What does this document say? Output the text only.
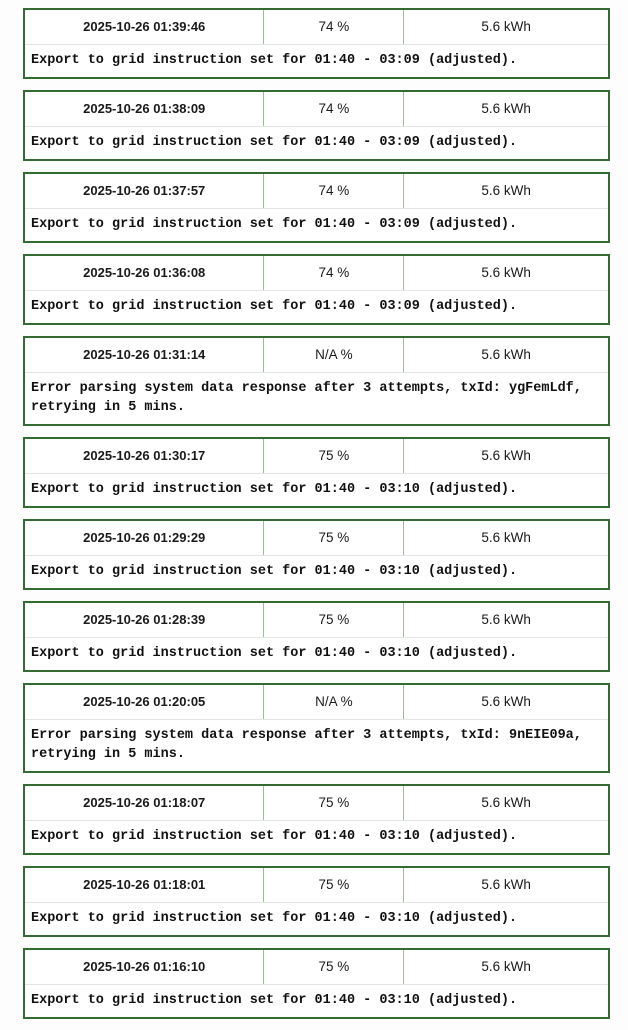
2025-10-26 01:39:46	74 %	5.6 kWh
Export to grid instruction set for 01:40 - 03:09 (adjusted).
2025-10-26 01:38:09	74 %	5.6 kWh
Export to grid instruction set for 01:40 - 03:09 (adjusted).
2025-10-26 01:37:57	74 %	5.6 kWh
Export to grid instruction set for 01:40 - 03:09 (adjusted).
2025-10-26 01:36:08	74 %	5.6 kWh
Export to grid instruction set for 01:40 - 03:09 (adjusted).
2025-10-26 01:31:14	N/A %	5.6 kWh
Error parsing system data response after 3 attempts, txId: ygFemLdf, retrying in 5 mins.
2025-10-26 01:30:17	75 %	5.6 kWh
Export to grid instruction set for 01:40 - 03:10 (adjusted).
2025-10-26 01:29:29	75 %	5.6 kWh
Export to grid instruction set for 01:40 - 03:10 (adjusted).
2025-10-26 01:28:39	75 %	5.6 kWh
Export to grid instruction set for 01:40 - 03:10 (adjusted).
2025-10-26 01:20:05	N/A %	5.6 kWh
Error parsing system data response after 3 attempts, txId: 9nEIE09a, retrying in 5 mins.
2025-10-26 01:18:07	75 %	5.6 kWh
Export to grid instruction set for 01:40 - 03:10 (adjusted).
2025-10-26 01:18:01	75 %	5.6 kWh
Export to grid instruction set for 01:40 - 03:10 (adjusted).
2025-10-26 01:16:10	75 %	5.6 kWh
Export to grid instruction set for 01:40 - 03:10 (adjusted).
